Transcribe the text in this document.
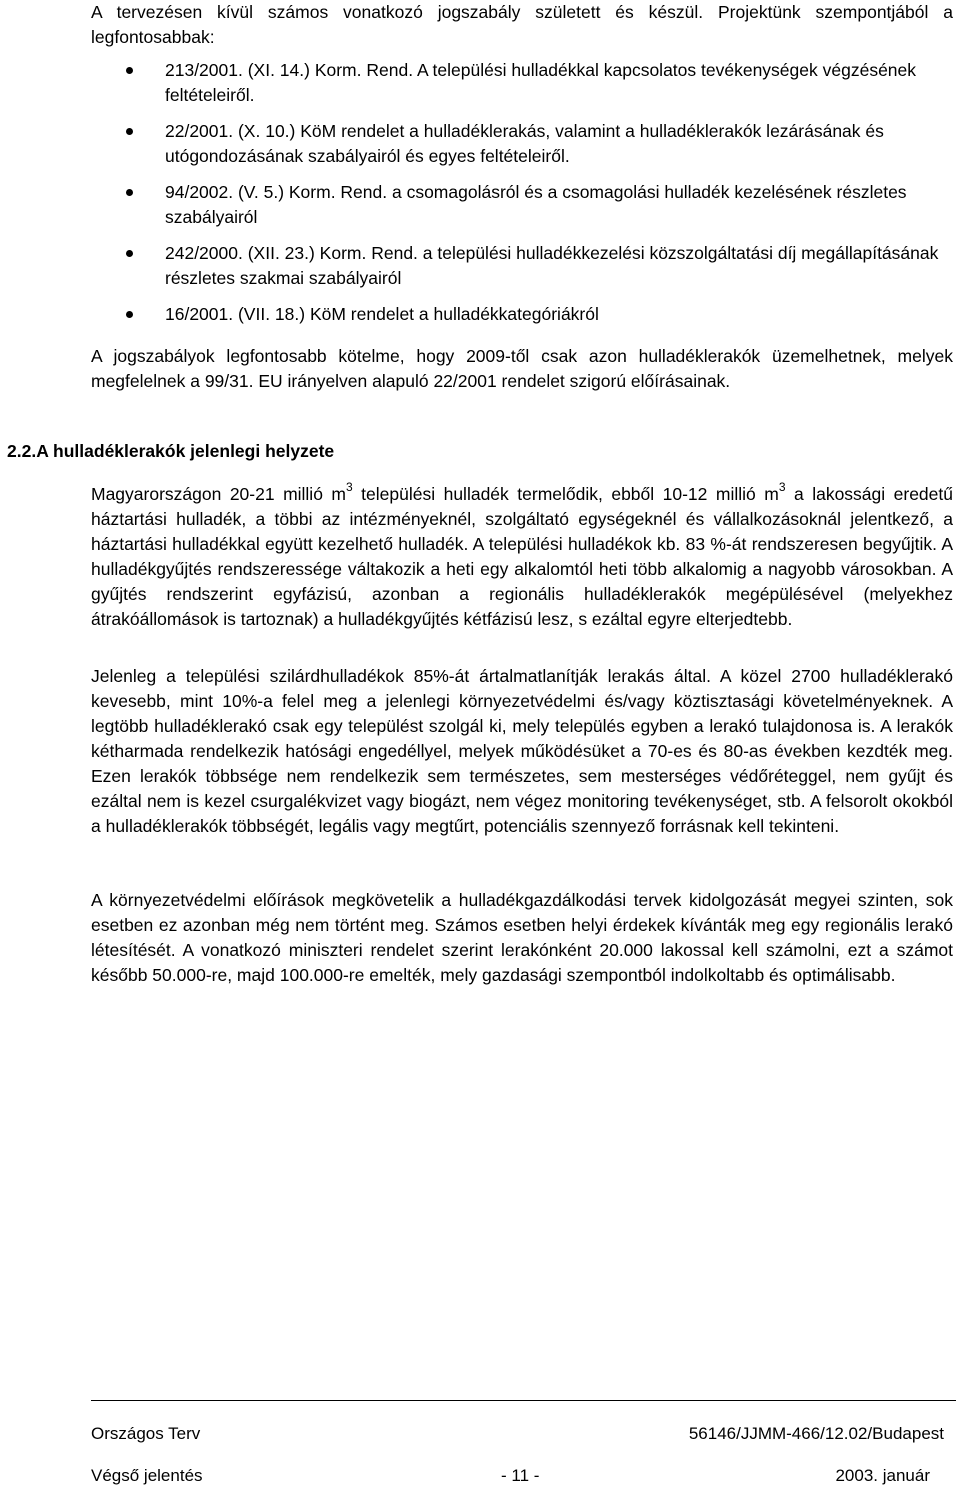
A tervezésen kívül számos vonatkozó jogszabály született és készül. Projektünk szempontjából a legfontosabbak:

213/2001. (XI. 14.) Korm. Rend. A települési hulladékkal kapcsolatos tevékenységek végzésének feltételeiről.
22/2001. (X. 10.) KöM rendelet a hulladéklerakás, valamint a hulladéklerakók lezárásának és utógondozásának szabályairól és egyes feltételeiről.
94/2002. (V. 5.) Korm. Rend. a csomagolásról és a csomagolási hulladék kezelésének részletes szabályairól
242/2000. (XII. 23.) Korm. Rend. a települési hulladékkezelési közszolgáltatási díj megállapításának részletes szakmai szabályairól
16/2001. (VII. 18.) KöM rendelet a hulladékkategóriákról

A jogszabályok legfontosabb kötelme, hogy 2009-től csak azon hulladéklerakók üzemelhetnek, melyek megfelelnek a 99/31. EU irányelven alapuló 22/2001 rendelet szigorú előírásainak.

2.2.A hulladéklerakók jelenlegi helyzete

Magyarországon 20-21 millió $m^3$ települési hulladék termelődik, ebből 10-12 millió $m^3$ a lakossági eredetű háztartási hulladék, a többi az intézményeknél, szolgáltató egységeknél és vállalkozásoknál jelentkező, a háztartási hulladékkal együtt kezelhető hulladék. A települési hulladékok kb. 83 %-át rendszeresen begyűjtik. A hulladékgyűjtés rendszeressége váltakozik a heti egy alkalomtól heti több alkalomig a nagyobb városokban. A gyűjtés rendszerint egyfázisú, azonban a regionális hulladéklerakók megépülésével (melyekhez átrakóállomások is tartoznak) a hulladékgyűjtés kétfázisú lesz, s ezáltal egyre elterjedtebb.

Jelenleg a települési szilárdhulladékok 85%-át ártalmatlanítják lerakás által. A közel 2700 hulladéklerakó kevesebb, mint 10%-a felel meg a jelenlegi környezetvédelmi és/vagy köztisztasági követelményeknek. A legtöbb hulladéklerakó csak egy települést szolgál ki, mely település egyben a lerakó tulajdonosa is. A lerakók kétharmada rendelkezik hatósági engedéllyel, melyek működésüket a 70-es és 80-as években kezdték meg. Ezen lerakók többsége nem rendelkezik sem természetes, sem mesterséges védőréteggel, nem gyűjt és ezáltal nem is kezel csurgalékvizet vagy biogázt, nem végez monitoring tevékenységet, stb. A felsorolt okokból a hulladéklerakók többségét, legális vagy megtűrt, potenciális szennyező forrásnak kell tekinteni.

A környezetvédelmi előírások megkövetelik a hulladékgazdálkodási tervek kidolgozását megyei szinten, sok esetben ez azonban még nem történt meg. Számos esetben helyi érdekek kívánták meg egy regionális lerakó létesítését. A vonatkozó miniszteri rendelet szerint lerakónként 20.000 lakossal kell számolni, ezt a számot később 50.000-re, majd 100.000-re emelték, mely gazdasági szempontból indolkoltabb és optimálisabb.

Országos Terv	56146/JJMM-466/12.02/Budapest

Végső jelentés	- 11 -	2003. január
